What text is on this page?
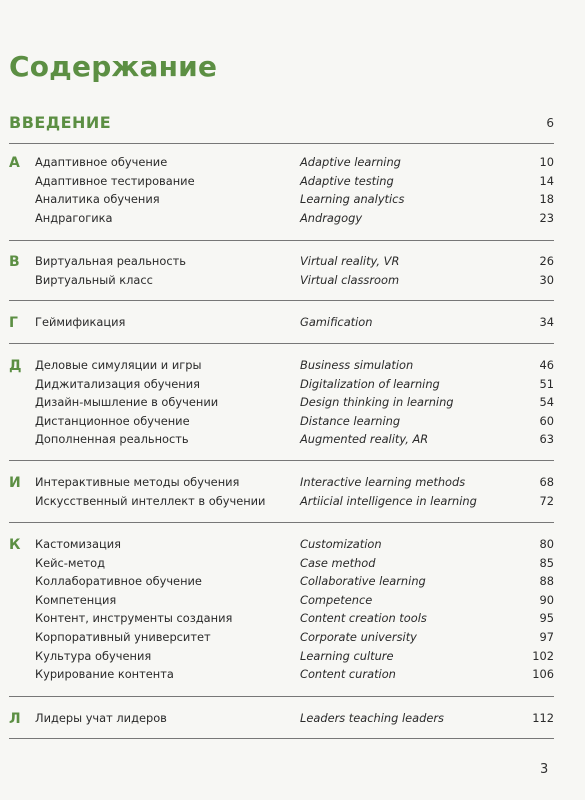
Содержание
ВВЕДЕНИЕ	6
А Адаптивное обучение	Adaptive learning	10
Адаптивное тестирование	Adaptive testing	14
Аналитика обучения	Learning analytics	18
Андрагогика	Andragogy	23
В Виртуальная реальность	Virtual reality, VR	26
Виртуальный класс	Virtual classroom	30
Г Геймификация	Gamification	34
Д Деловые симуляции и игры	Business simulation	46
Диджитализация обучения	Digitalization of learning	51
Дизайн-мышление в обучении	Design thinking in learning	54
Дистанционное обучение	Distance learning	60
Дополненная реальность	Augmented reality, AR	63
И Интерактивные методы обучения	Interactive learning methods	68
Искусственный интеллект в обучении	Artiicial intelligence in learning	72
К Кастомизация	Customization	80
Кейс-метод	Case method	85
Коллаборативное обучение	Collaborative learning	88
Компетенция	Competence	90
Контент, инструменты создания	Content creation tools	95
Корпоративный университет	Corporate university	97
Культура обучения	Learning culture	102
Курирование контента	Content curation	106
Л Лидеры учат лидеров	Leaders teaching leaders	112
3
